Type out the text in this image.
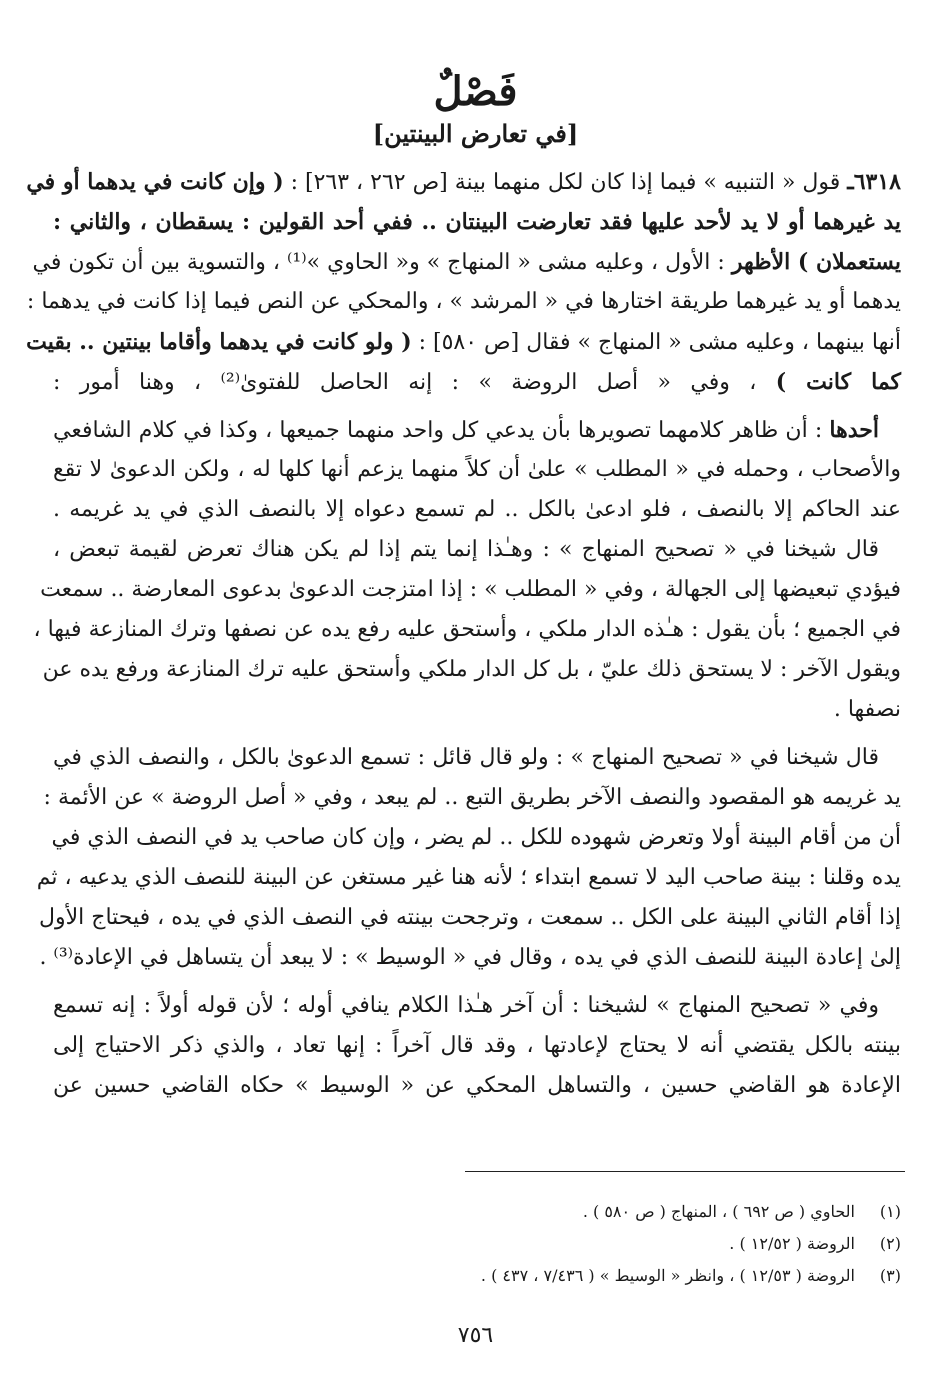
فَصْلٌ
[في تعارض البينتين]
٦٣١٨ـ قول « التنبيه » فيما إذا كان لكل منهما بينة [ص ٢٦٢ ، ٢٦٣] : ( وإن كانت في يدهما أو في
يد غيرهما أو لا يد لأحد عليها فقد تعارضت البينتان .. ففي أحد القولين : يسقطان ، والثاني :
يستعملان ) الأظهر : الأول ، وعليه مشى « المنهاج » و« الحاوي »⁽¹⁾ ، والتسوية بين أن تكون في
يدهما أو يد غيرهما طريقة اختارها في « المرشد » ، والمحكي عن النص فيما إذا كانت في يدهما :
أنها بينهما ، وعليه مشى « المنهاج » فقال [ص ٥٨٠] : ( ولو كانت في يدهما وأقاما بينتين .. بقيت
كما كانت ) ، وفي « أصل الروضة » : إنه الحاصل للفتوىٰ⁽²⁾ ، وهنا أمور :
أحدها : أن ظاهر كلامهما تصويرها بأن يدعي كل واحد منهما جميعها ، وكذا في كلام الشافعي
والأصحاب ، وحمله في « المطلب » علىٰ أن كلاً منهما يزعم أنها كلها له ، ولكن الدعوىٰ لا تقع
عند الحاكم إلا بالنصف ، فلو ادعىٰ بالكل .. لم تسمع دعواه إلا بالنصف الذي في يد غريمه .
قال شيخنا في « تصحيح المنهاج » : وهـٰذا إنما يتم إذا لم يكن هناك تعرض لقيمة تبعض ،
فيؤدي تبعيضها إلى الجهالة ، وفي « المطلب » : إذا امتزجت الدعوىٰ بدعوى المعارضة .. سمعت
في الجميع ؛ بأن يقول : هـٰذه الدار ملكي ، وأستحق عليه رفع يده عن نصفها وترك المنازعة فيها ،
ويقول الآخر : لا يستحق ذلك عليّ ، بل كل الدار ملكي وأستحق عليه ترك المنازعة ورفع يده عن
نصفها .
قال شيخنا في « تصحيح المنهاج » : ولو قال قائل : تسمع الدعوىٰ بالكل ، والنصف الذي في
يد غريمه هو المقصود والنصف الآخر بطريق التبع .. لم يبعد ، وفي « أصل الروضة » عن الأئمة :
أن من أقام البينة أولا وتعرض شهوده للكل .. لم يضر ، وإن كان صاحب يد في النصف الذي في
يده وقلنا : بينة صاحب اليد لا تسمع ابتداء ؛ لأنه هنا غير مستغن عن البينة للنصف الذي يدعيه ، ثم
إذا أقام الثاني البينة على الكل .. سمعت ، وترجحت بينته في النصف الذي في يده ، فيحتاج الأول
إلىٰ إعادة البينة للنصف الذي في يده ، وقال في « الوسيط » : لا يبعد أن يتساهل في الإعادة⁽³⁾ .
وفي « تصحيح المنهاج » لشيخنا : أن آخر هـٰذا الكلام ينافي أوله ؛ لأن قوله أولاً : إنه تسمع
بينته بالكل يقتضي أنه لا يحتاج لإعادتها ، وقد قال آخراً : إنها تعاد ، والذي ذكر الاحتياج إلى
الإعادة هو القاضي حسين ، والتساهل المحكي عن « الوسيط » حكاه القاضي حسين عن
(١)الحاوي ( ص ٦٩٢ ) ، المنهاج ( ص ٥٨٠ ) .
(٢)الروضة ( ١٢/٥٢ ) .
(٣)الروضة ( ١٢/٥٣ ) ، وانظر « الوسيط » ( ٧/٤٣٦ ، ٤٣٧ ) .
٧٥٦
